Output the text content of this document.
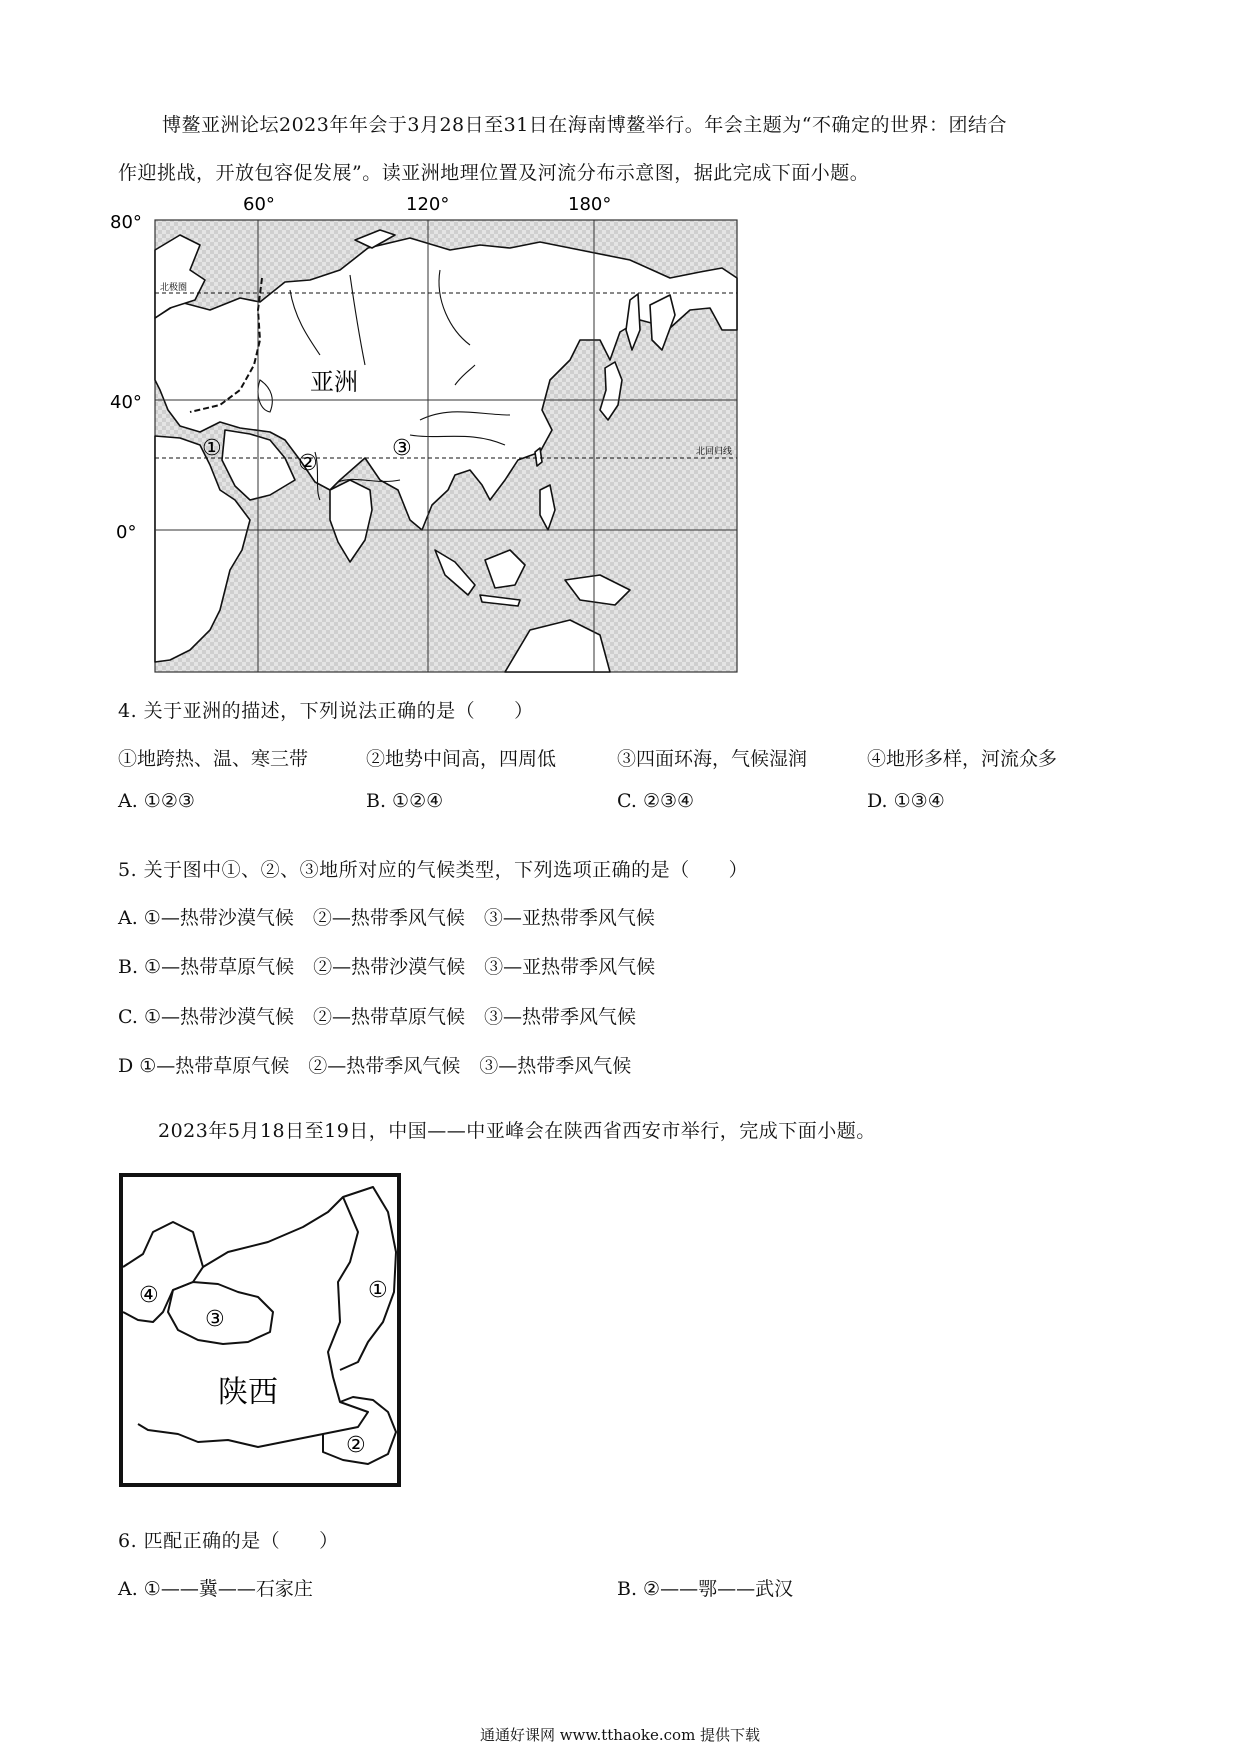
博鳌亚洲论坛2023年年会于3月28日至31日在海南博鳌举行。年会主题为“不确定的世界：团结合
作迎挑战，开放包容促发展”。读亚洲地理位置及河流分布示意图，据此完成下面小题。
北极圈
北回归线
60°	120°	180°
80°
40°
0°
亚洲
①
②
③
4. 关于亚洲的描述，下列说法正确的是（　　）
①地跨热、温、寒三带	②地势中间高，四周低	③四面环海，气候湿润	④地形多样，河流众多
A. ①②③	B. ①②④	C. ②③④	D. ①③④
5. 关于图中①、②、③地所对应的气候类型，下列选项正确的是（　　）
A. ①—热带沙漠气候　②—热带季风气候　③—亚热带季风气候
B. ①—热带草原气候　②—热带沙漠气候　③—亚热带季风气候
C. ①—热带沙漠气候　②—热带草原气候　③—热带季风气候
D ①—热带草原气候　②—热带季风气候　③—热带季风气候
2023年5月18日至19日，中国——中亚峰会在陕西省西安市举行，完成下面小题。
陕西
①
②
③
④
6. 匹配正确的是（　　）
A. ①——冀——石家庄	B. ②——鄂——武汉
通通好课网 www.tthaoke.com 提供下载
